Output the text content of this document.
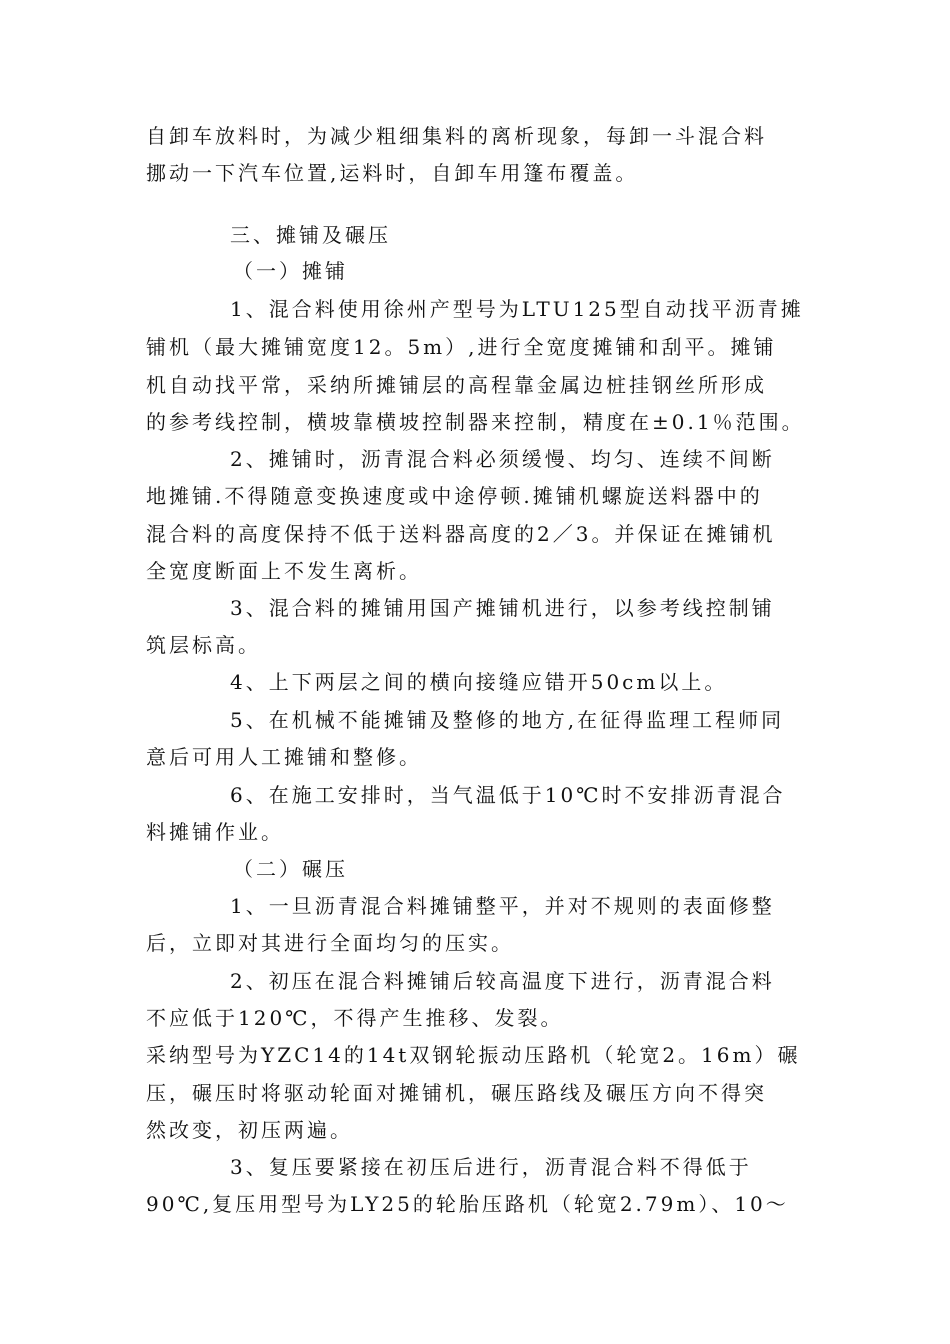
自卸车放料时，为减少粗细集料的离析现象，每卸一斗混合料
挪动一下汽车位置,运料时，自卸车用篷布覆盖。
三、摊铺及碾压
（一）摊铺
1、混合料使用徐州产型号为LTU125型自动找平沥青摊
铺机（最大摊铺宽度12。5m）,进行全宽度摊铺和刮平。摊铺
机自动找平常，采纳所摊铺层的高程靠金属边桩挂钢丝所形成
的参考线控制，横坡靠横坡控制器来控制，精度在±0.1％范围。
2、摊铺时，沥青混合料必须缓慢、均匀、连续不间断
地摊铺.不得随意变换速度或中途停顿.摊铺机螺旋送料器中的
混合料的高度保持不低于送料器高度的2／3。并保证在摊铺机
全宽度断面上不发生离析。
3、混合料的摊铺用国产摊铺机进行，以参考线控制铺
筑层标高。
4、上下两层之间的横向接缝应错开50cm以上。
5、在机械不能摊铺及整修的地方,在征得监理工程师同
意后可用人工摊铺和整修。
6、在施工安排时，当气温低于10℃时不安排沥青混合
料摊铺作业。
（二）碾压
1、一旦沥青混合料摊铺整平，并对不规则的表面修整
后，立即对其进行全面均匀的压实。
2、初压在混合料摊铺后较高温度下进行，沥青混合料
不应低于120℃，不得产生推移、发裂。
采纳型号为YZC14的14t双钢轮振动压路机（轮宽2。16m）碾
压，碾压时将驱动轮面对摊铺机，碾压路线及碾压方向不得突
然改变，初压两遍。
3、复压要紧接在初压后进行，沥青混合料不得低于
90℃,复压用型号为LY25的轮胎压路机（轮宽2.79m）、10～
